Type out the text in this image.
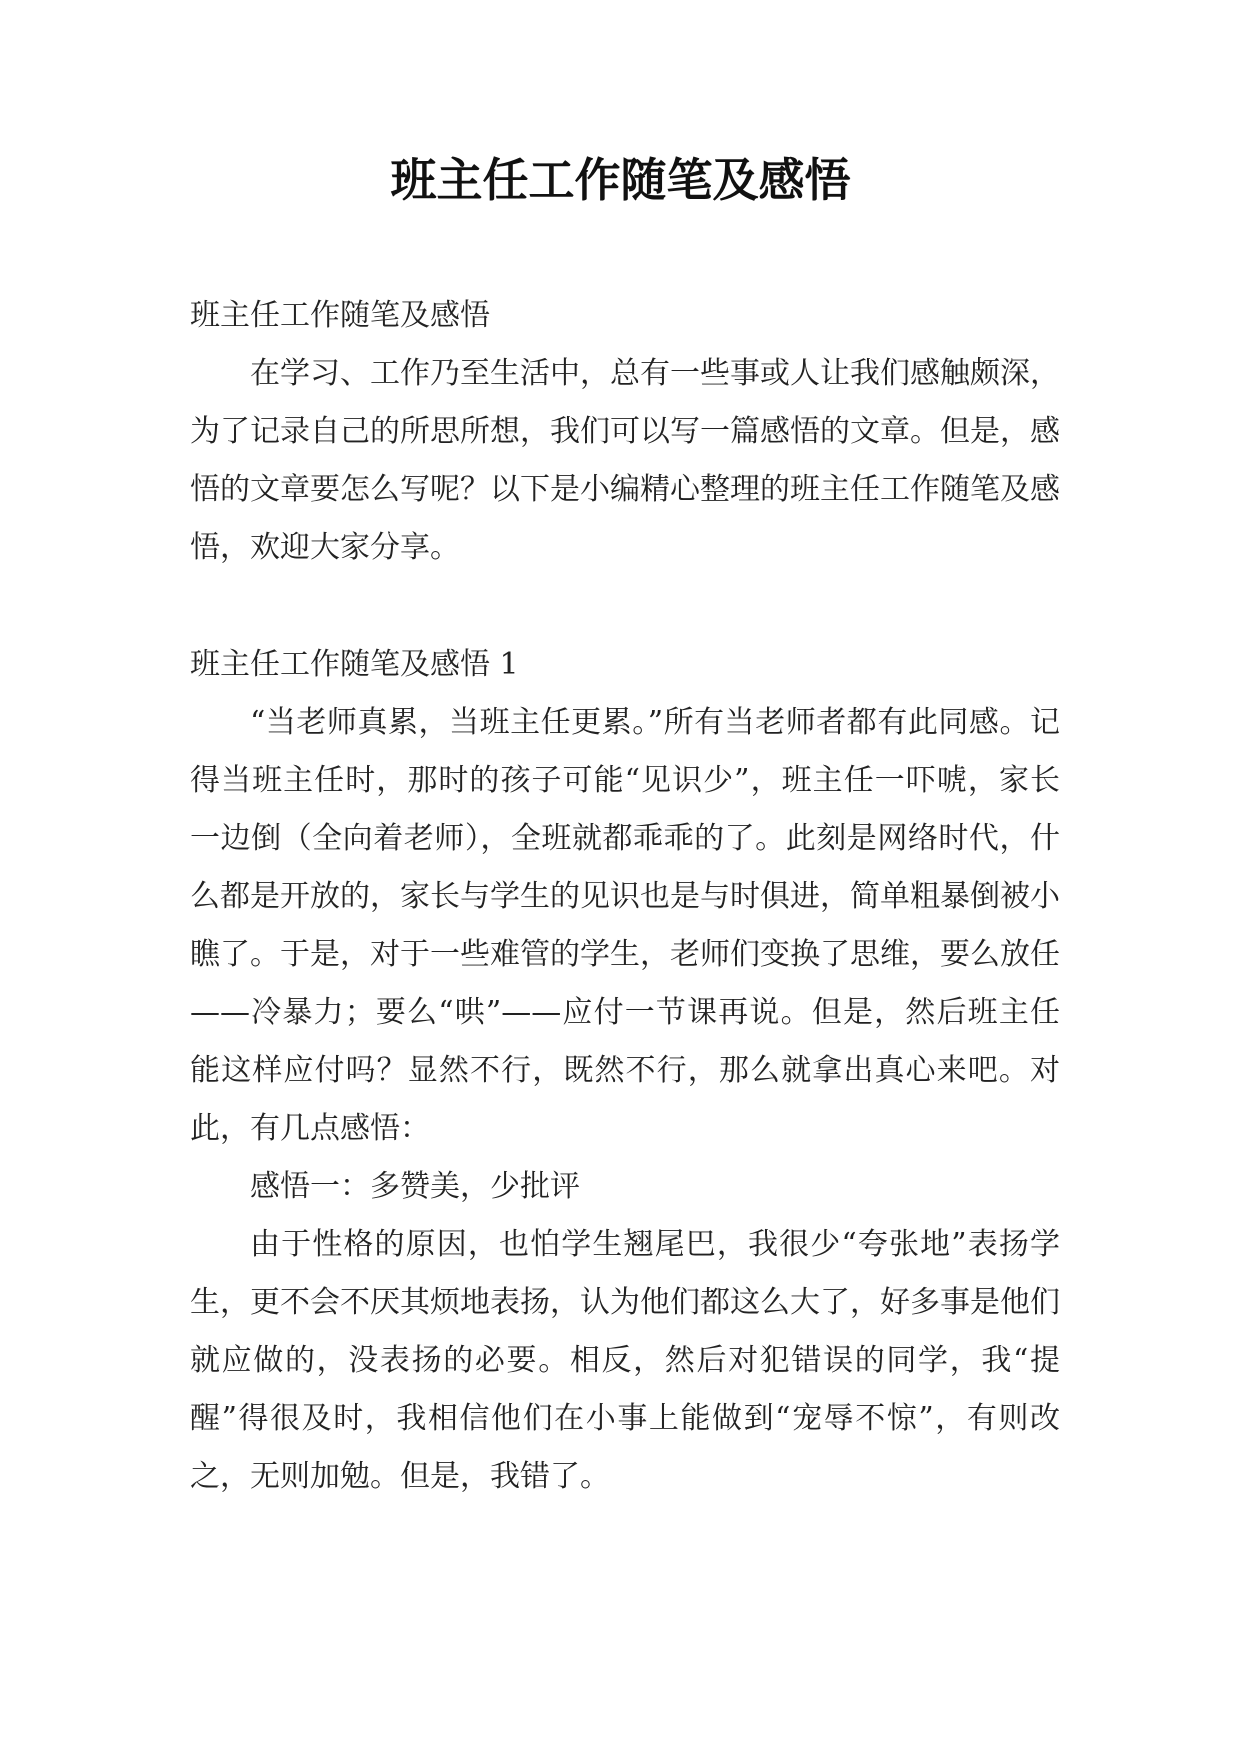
班主任工作随笔及感悟

班主任工作随笔及感悟

在学习、工作乃至生活中，总有一些事或人让我们感触颇深，为了记录自己的所思所想，我们可以写一篇感悟的文章。但是，感悟的文章要怎么写呢？以下是小编精心整理的班主任工作随笔及感悟，欢迎大家分享。

班主任工作随笔及感悟 1

“当老师真累，当班主任更累。”所有当老师者都有此同感。记得当班主任时，那时的孩子可能“见识少”，班主任一吓唬，家长一边倒（全向着老师），全班就都乖乖的了。此刻是网络时代，什么都是开放的，家长与学生的见识也是与时俱进，简单粗暴倒被小瞧了。于是，对于一些难管的学生，老师们变换了思维，要么放任——冷暴力；要么“哄”——应付一节课再说。但是，然后班主任能这样应付吗？显然不行，既然不行，那么就拿出真心来吧。对此，有几点感悟：

感悟一：多赞美，少批评

由于性格的原因，也怕学生翘尾巴，我很少“夸张地”表扬学生，更不会不厌其烦地表扬，认为他们都这么大了，好多事是他们就应做的，没表扬的必要。相反，然后对犯错误的同学，我“提醒”得很及时，我相信他们在小事上能做到“宠辱不惊”，有则改之，无则加勉。但是，我错了。
